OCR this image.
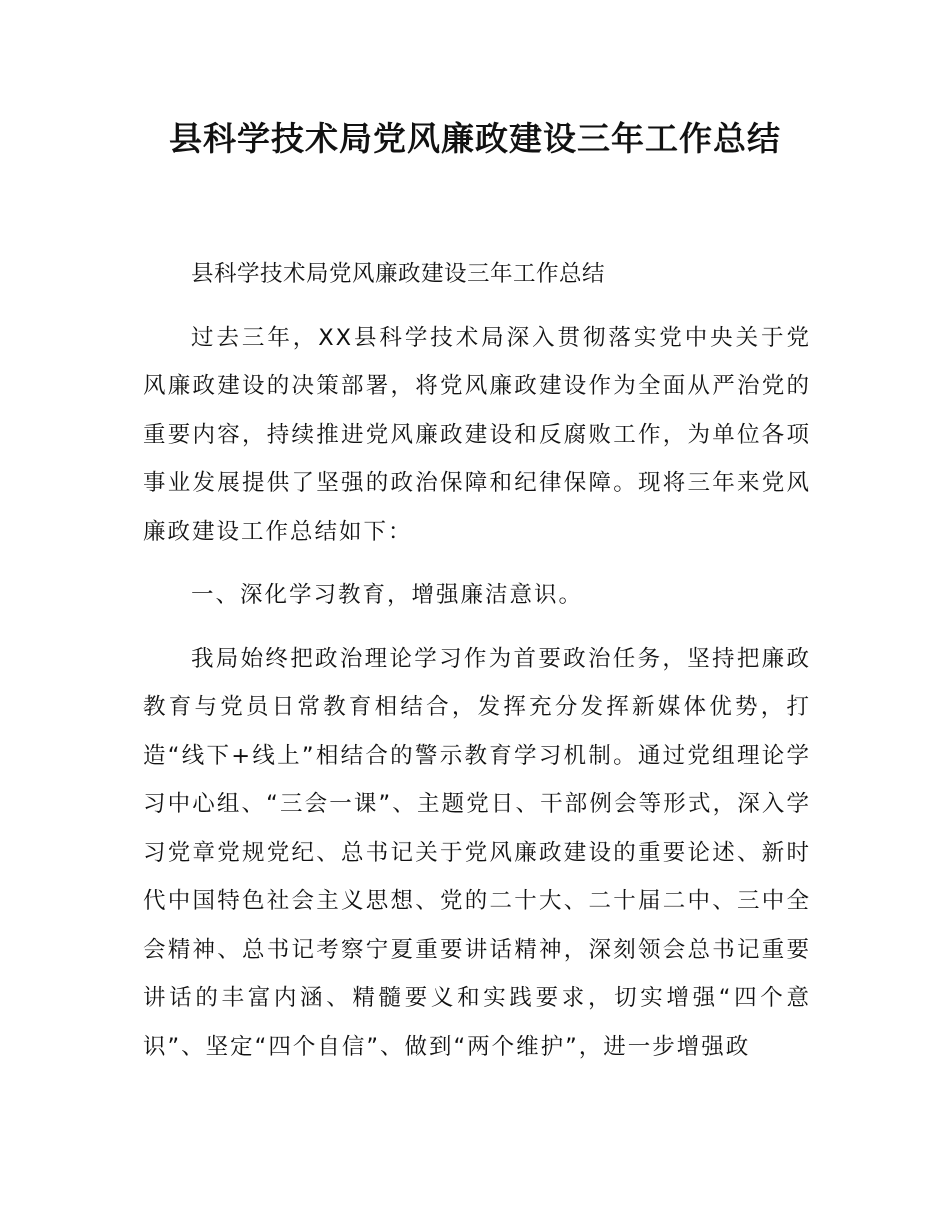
县科学技术局党风廉政建设三年工作总结

县科学技术局党风廉政建设三年工作总结

过去三年，XX县科学技术局深入贯彻落实党中央关于党风廉政建设的决策部署，将党风廉政建设作为全面从严治党的重要内容，持续推进党风廉政建设和反腐败工作，为单位各项事业发展提供了坚强的政治保障和纪律保障。现将三年来党风廉政建设工作总结如下：

一、深化学习教育，增强廉洁意识。

我局始终把政治理论学习作为首要政治任务，坚持把廉政教育与党员日常教育相结合，发挥充分发挥新媒体优势，打造“线下+线上”相结合的警示教育学习机制。通过党组理论学习中心组、“三会一课”、主题党日、干部例会等形式，深入学习党章党规党纪、总书记关于党风廉政建设的重要论述、新时代中国特色社会主义思想、党的二十大、二十届二中、三中全会精神、总书记考察宁夏重要讲话精神，深刻领会总书记重要讲话的丰富内涵、精髓要义和实践要求，切实增强“四个意识”、坚定“四个自信”、做到“两个维护”，进一步增强政
